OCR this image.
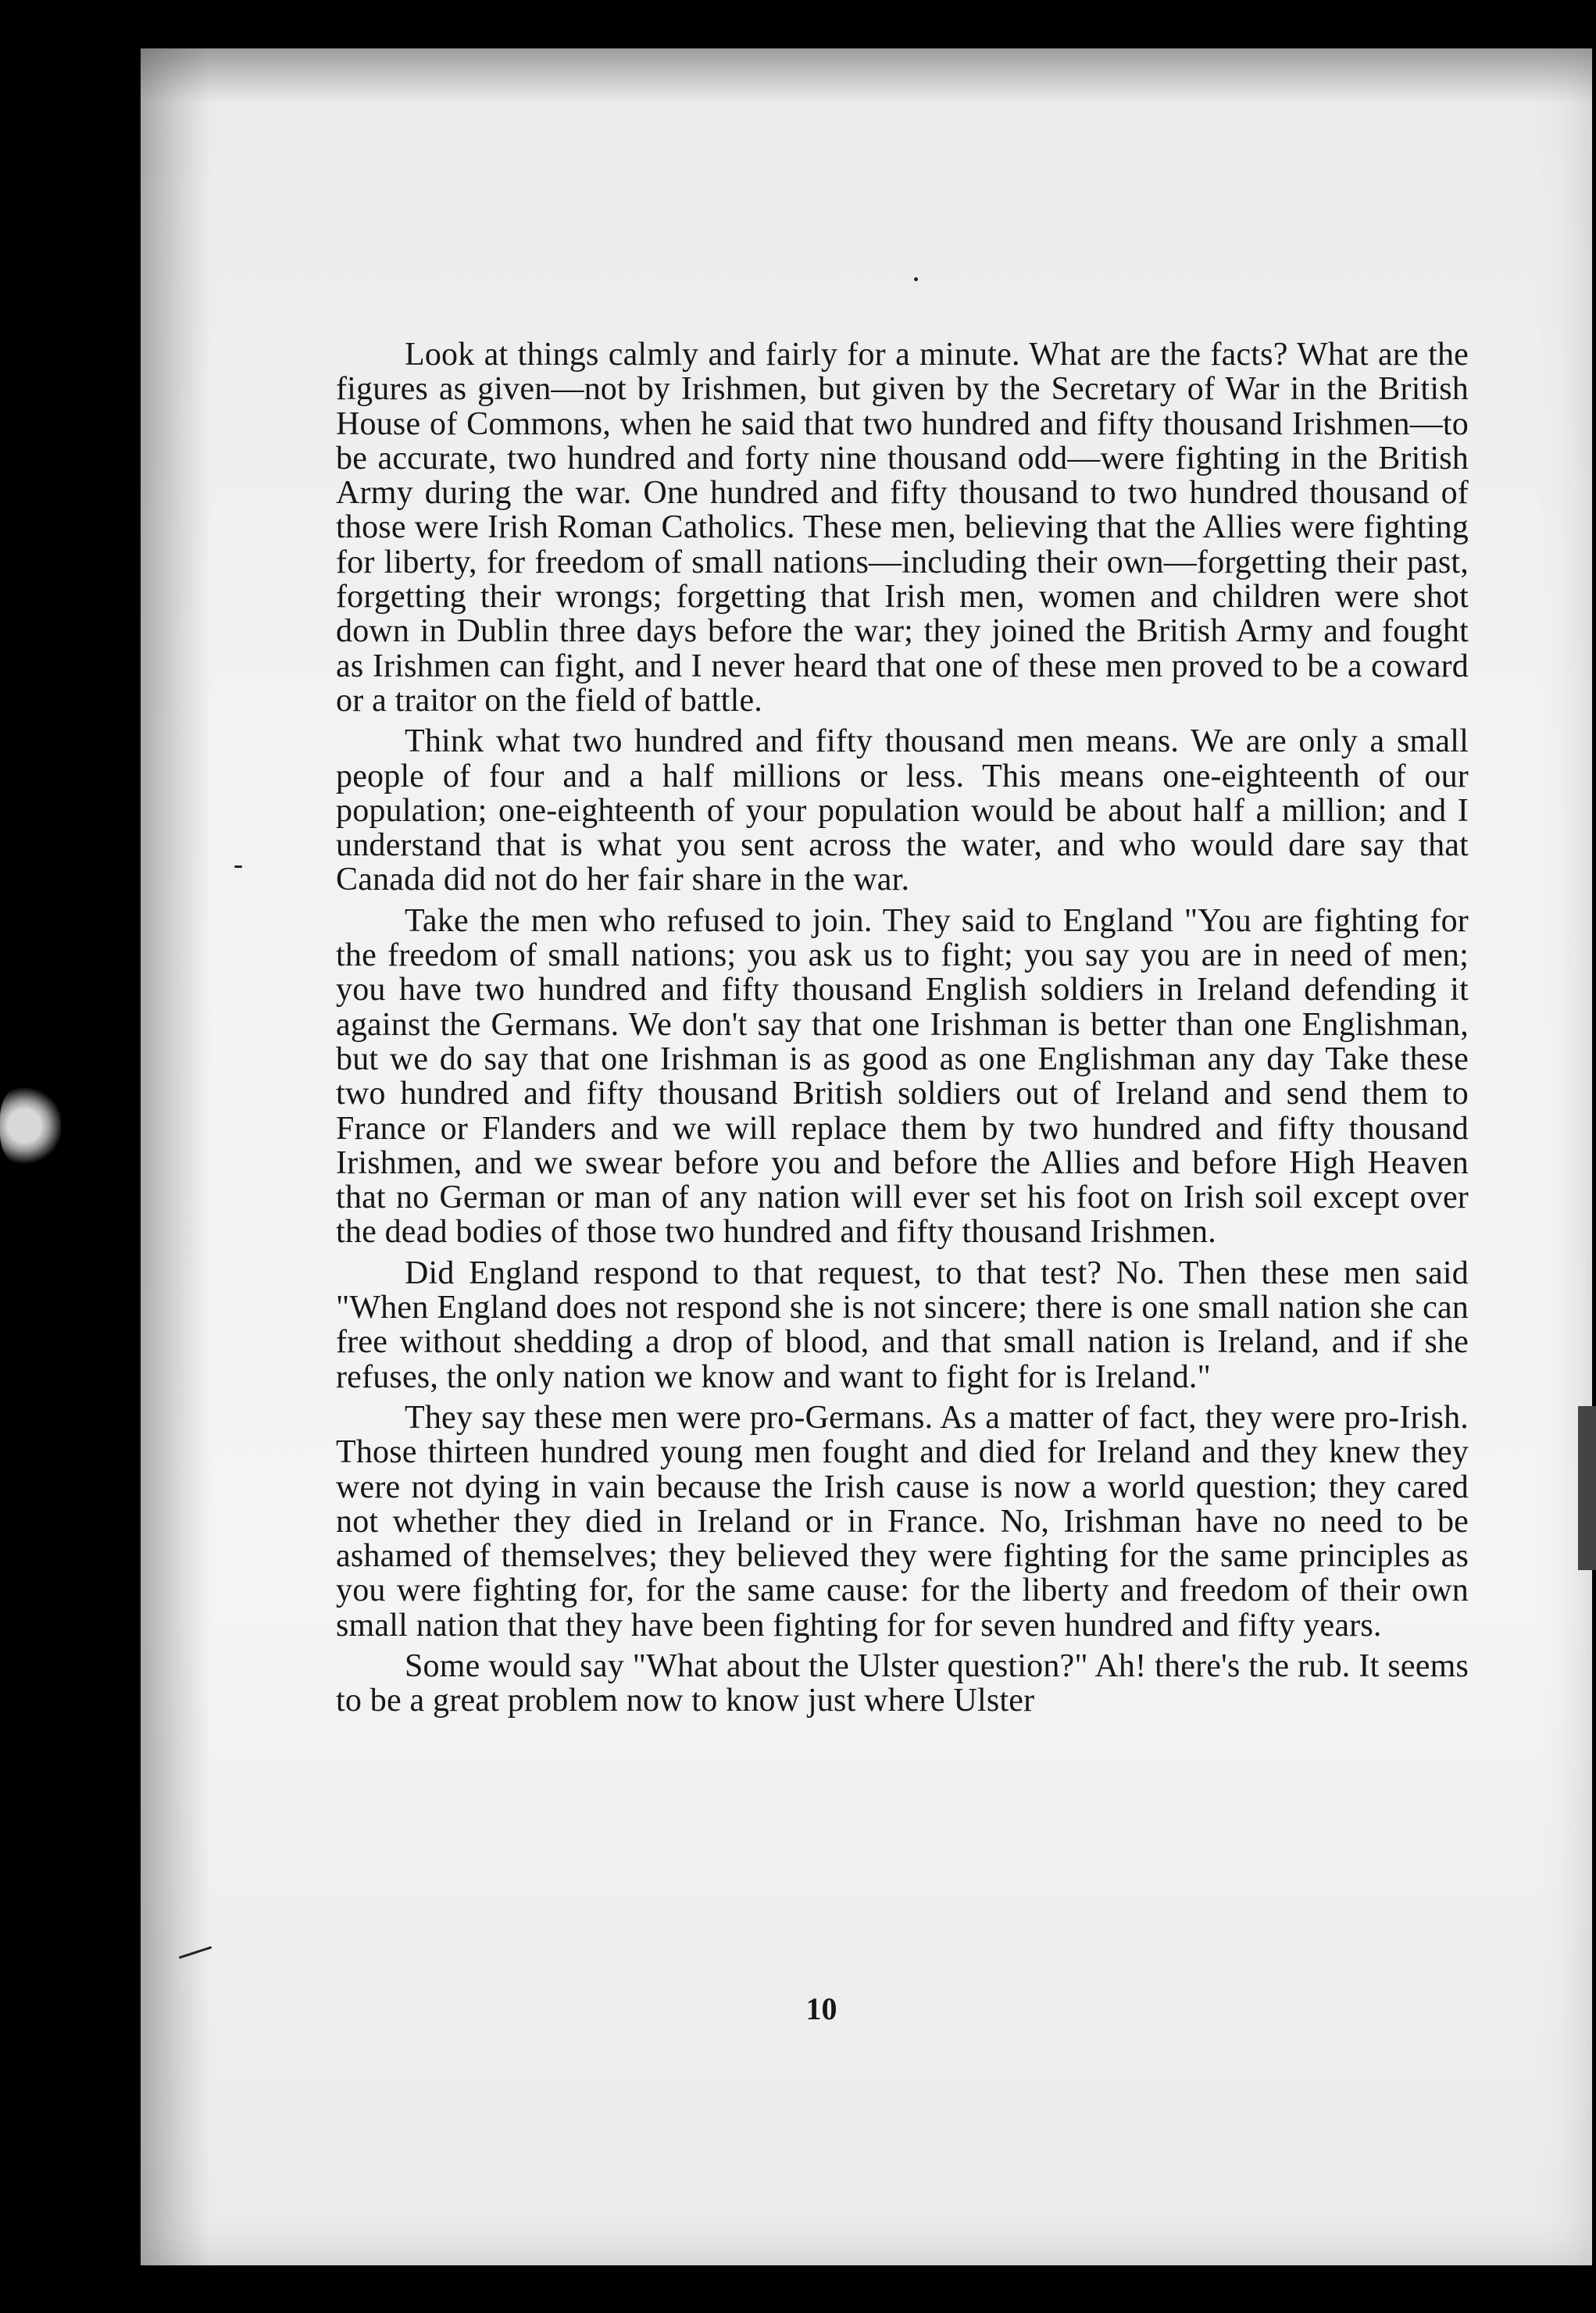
Look at things calmly and fairly for a minute. What are the facts? What are the figures as given—not by Irishmen, but given by the Secretary of War in the British House of Commons, when he said that two hundred and fifty thousand Irishmen—to be accurate, two hundred and forty nine thousand odd—were fighting in the British Army during the war. One hundred and fifty thousand to two hundred thousand of those were Irish Roman Catholics. These men, believing that the Allies were fighting for liberty, for freedom of small nations—including their own—forgetting their past, forgetting their wrongs; forgetting that Irish men, women and children were shot down in Dublin three days before the war; they joined the British Army and fought as Irishmen can fight, and I never heard that one of these men proved to be a coward or a traitor on the field of battle.

Think what two hundred and fifty thousand men means. We are only a small people of four and a half millions or less. This means one-eighteenth of our population; one-eighteenth of your population would be about half a million; and I understand that is what you sent across the water, and who would dare say that Canada did not do her fair share in the war.

Take the men who refused to join. They said to England "You are fighting for the freedom of small nations; you ask us to fight; you say you are in need of men; you have two hundred and fifty thousand English soldiers in Ireland defending it against the Germans. We don't say that one Irishman is better than one Englishman, but we do say that one Irishman is as good as one Englishman any day Take these two hundred and fifty thousand British soldiers out of Ireland and send them to France or Flanders and we will replace them by two hundred and fifty thousand Irishmen, and we swear before you and before the Allies and before High Heaven that no German or man of any nation will ever set his foot on Irish soil except over the dead bodies of those two hundred and fifty thousand Irishmen.

Did England respond to that request, to that test? No. Then these men said "When England does not respond she is not sincere; there is one small nation she can free without shedding a drop of blood, and that small nation is Ireland, and if she refuses, the only nation we know and want to fight for is Ireland."

They say these men were pro-Germans. As a matter of fact, they were pro-Irish. Those thirteen hundred young men fought and died for Ireland and they knew they were not dying in vain because the Irish cause is now a world question; they cared not whether they died in Ireland or in France. No, Irishman have no need to be ashamed of themselves; they believed they were fighting for the same principles as you were fighting for, for the same cause: for the liberty and freedom of their own small nation that they have been fighting for for seven hundred and fifty years.

Some would say "What about the Ulster question?" Ah! there's the rub. It seems to be a great problem now to know just where Ulster

10
